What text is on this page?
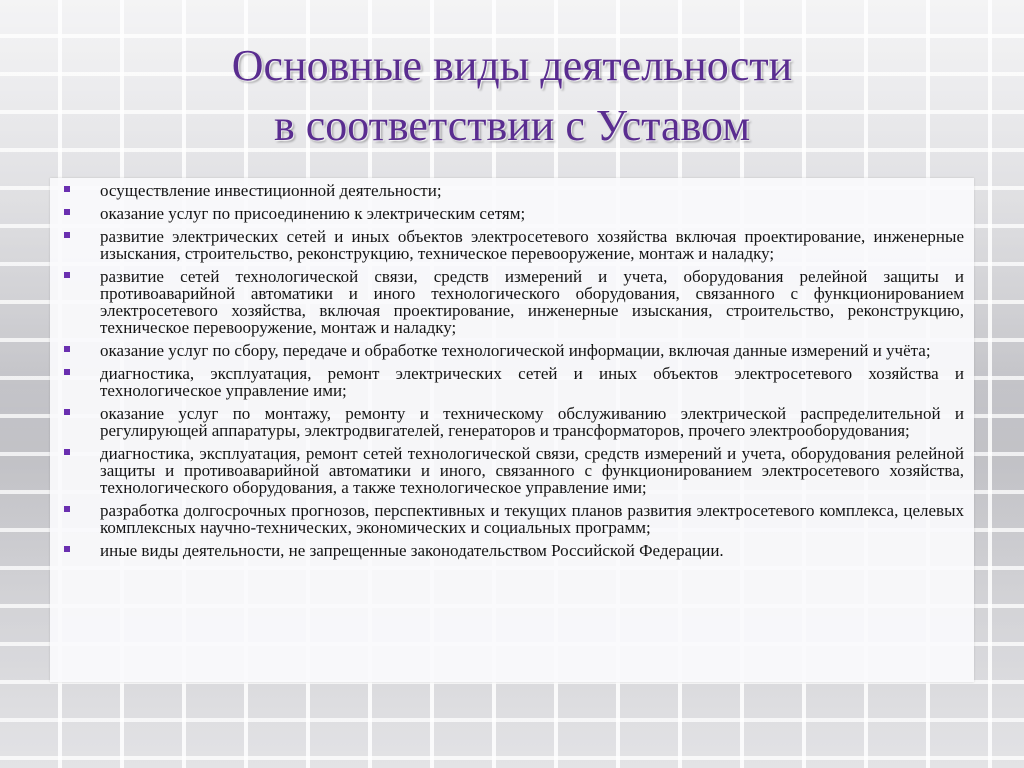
Основные виды деятельности
в соответствии с Уставом
осуществление инвестиционной деятельности;
оказание услуг по присоединению к электрическим сетям;
развитие электрических сетей и иных объектов электросетевого хозяйства включая проектирование, инженерные изыскания, строительство, реконструкцию, техническое перевооружение, монтаж и наладку;
развитие сетей технологической связи, средств измерений и учета, оборудования релейной защиты и противоаварийной автоматики и иного технологического оборудования, связанного с функционированием электросетевого хозяйства, включая проектирование, инженерные изыскания, строительство, реконструкцию, техническое перевооружение, монтаж и наладку;
оказание услуг по сбору, передаче и обработке технологической информации, включая данные измерений и учёта;
диагностика, эксплуатация, ремонт электрических сетей и иных объектов электросетевого хозяйства и технологическое управление ими;
оказание услуг по монтажу, ремонту и техническому обслуживанию электрической распределительной и регулирующей аппаратуры, электродвигателей, генераторов и трансформаторов, прочего электрооборудования;
диагностика, эксплуатация, ремонт сетей технологической связи, средств измерений и учета, оборудования релейной защиты и противоаварийной автоматики и иного, связанного с функционированием электросетевого хозяйства, технологического оборудования, а также технологическое управление ими;
разработка долгосрочных прогнозов, перспективных и текущих планов развития электросетевого комплекса, целевых комплексных научно-технических, экономических и социальных программ;
иные виды деятельности, не запрещенные законодательством Российской Федерации.
